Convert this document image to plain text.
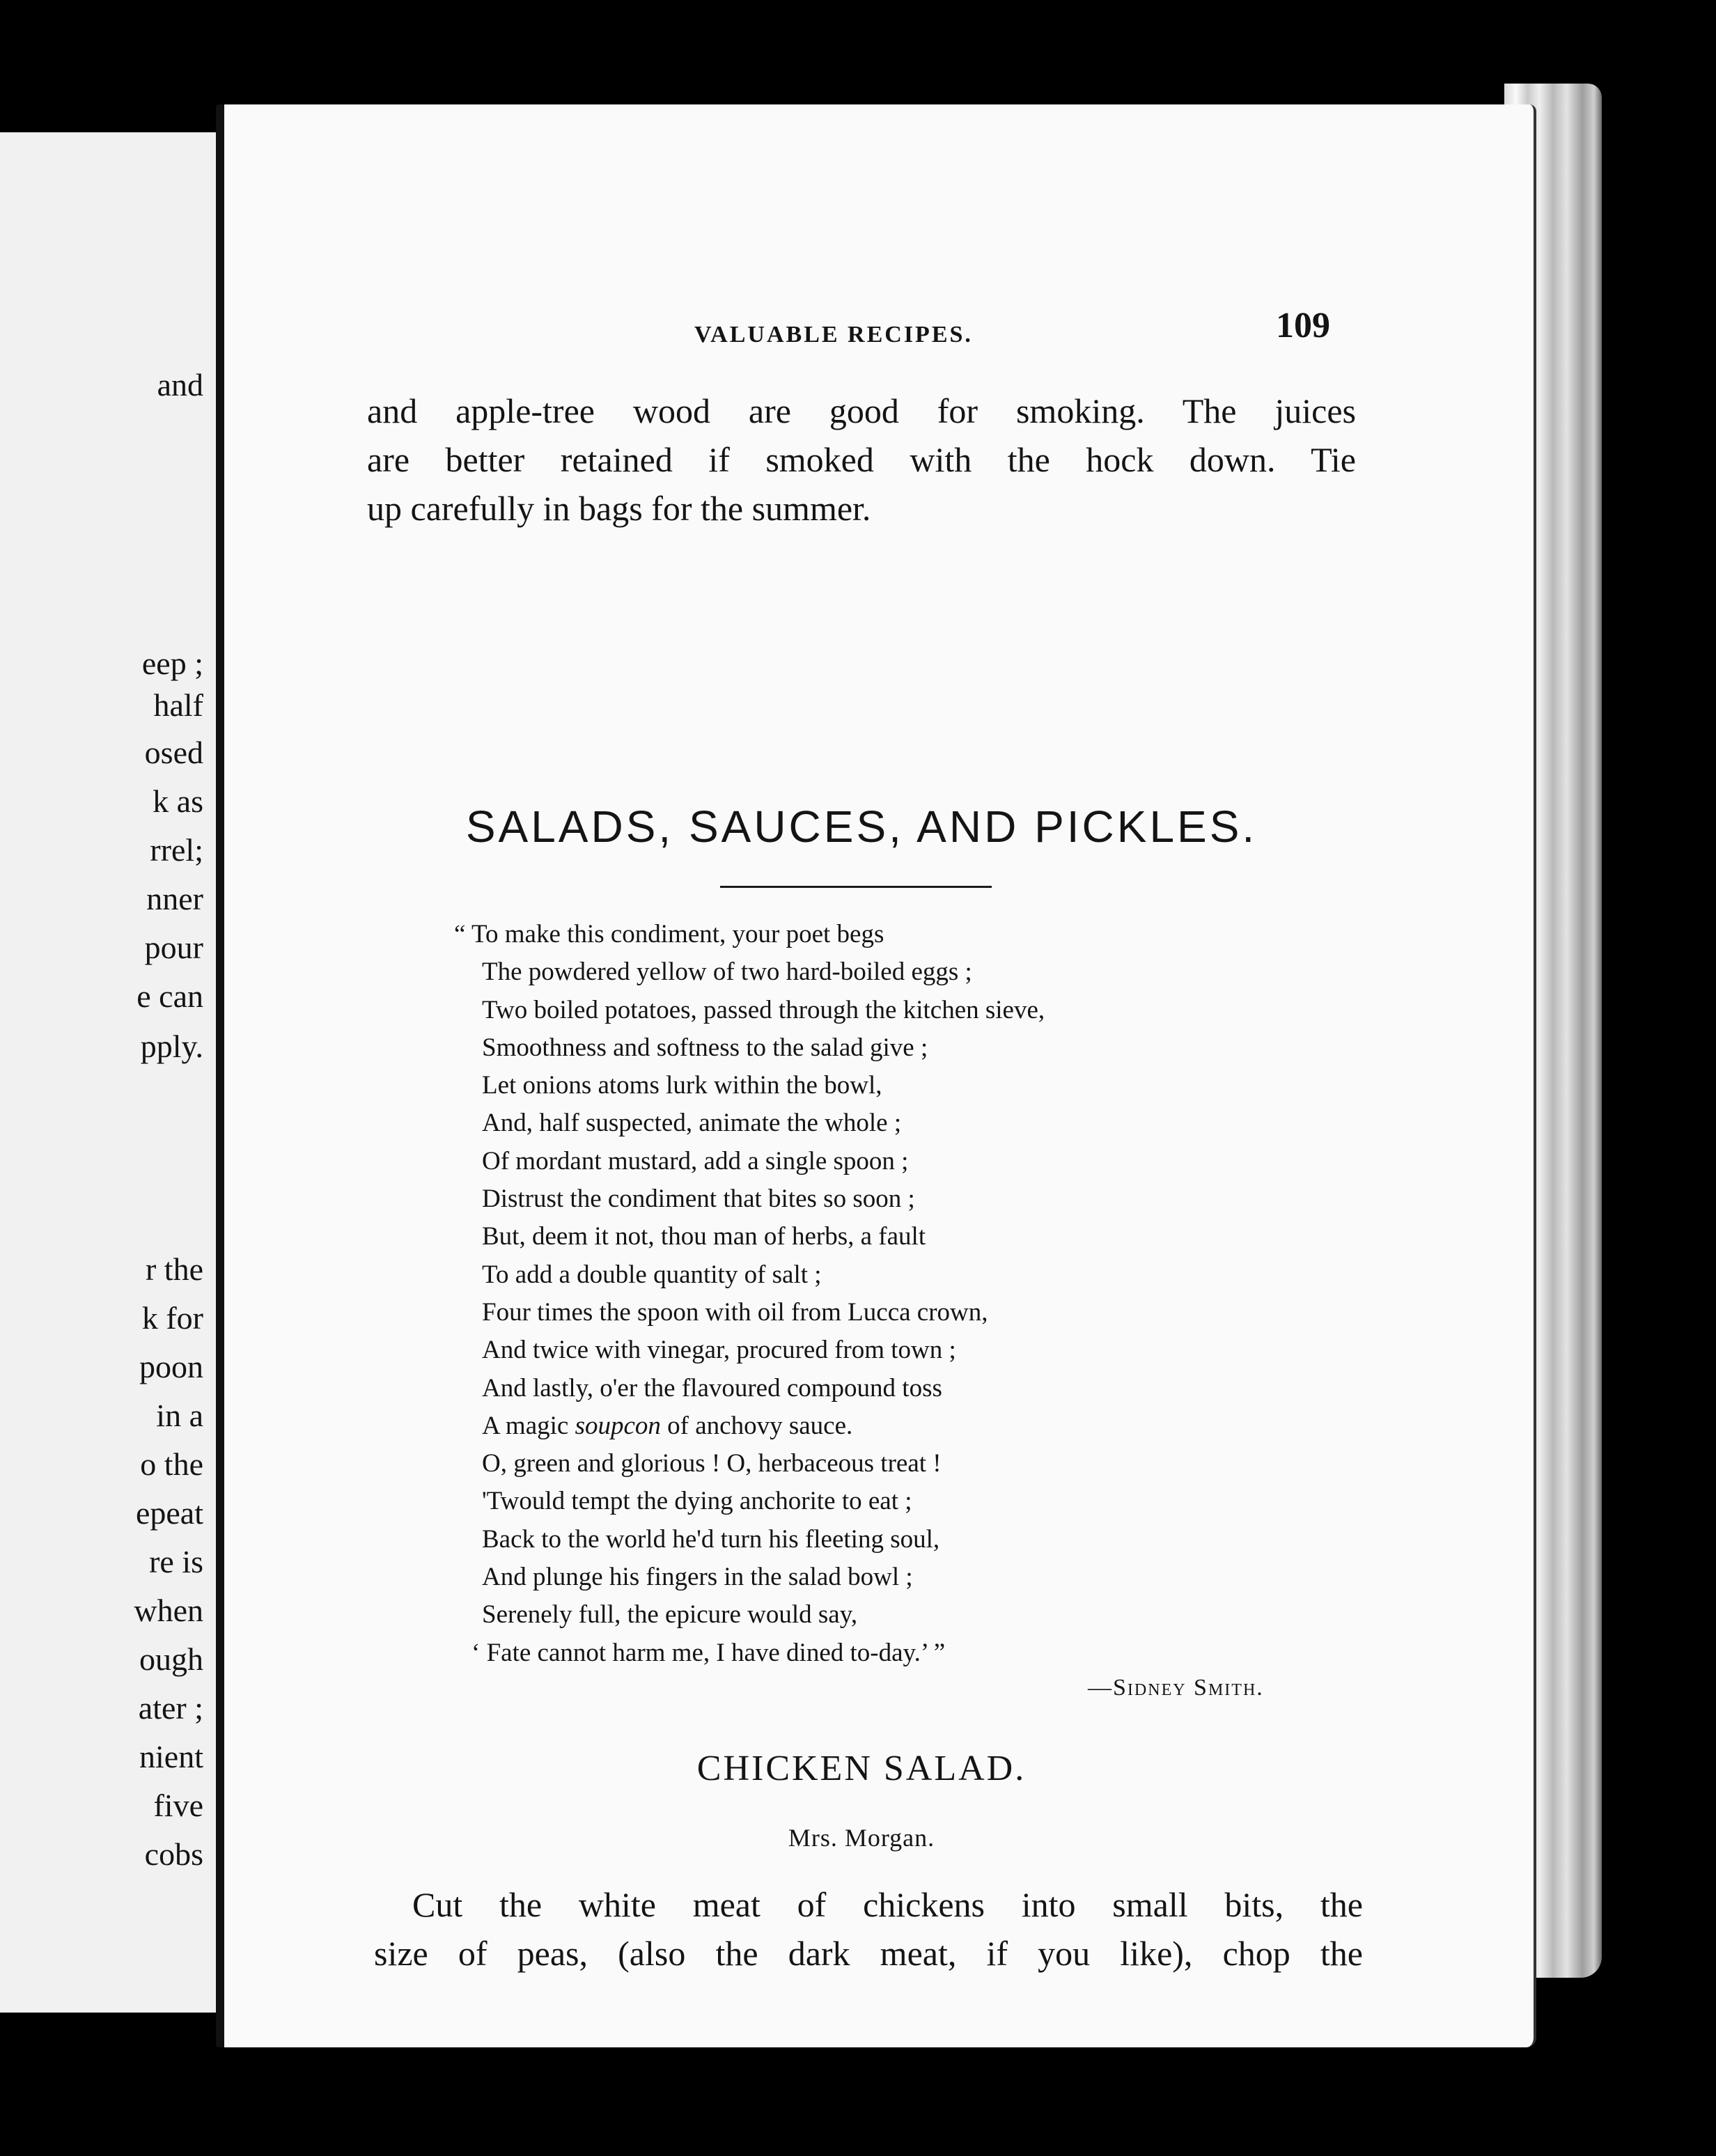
and
eep ;
half
osed
k as
rrel;
nner
pour
e can
pply.
r the
k for
poon
in a
o the
epeat
re is
when
ough
ater ;
nient
five
cobs
VALUABLE RECIPES.	109
and apple-tree wood are good for smoking. The juices
are better retained if smoked with the hock down. Tie
up carefully in bags for the summer.
SALADS, SAUCES, AND PICKLES.
“ To make this condiment, your poet begs
The powdered yellow of two hard-boiled eggs ;
Two boiled potatoes, passed through the kitchen sieve,
Smoothness and softness to the salad give ;
Let onions atoms lurk within the bowl,
And, half suspected, animate the whole ;
Of mordant mustard, add a single spoon ;
Distrust the condiment that bites so soon ;
But, deem it not, thou man of herbs, a fault
To add a double quantity of salt ;
Four times the spoon with oil from Lucca crown,
And twice with vinegar, procured from town ;
And lastly, o'er the flavoured compound toss
A magic soupcon of anchovy sauce.
O, green and glorious ! O, herbaceous treat !
'Twould tempt the dying anchorite to eat ;
Back to the world he'd turn his fleeting soul,
And plunge his fingers in the salad bowl ;
Serenely full, the epicure would say,
‘ Fate cannot harm me, I have dined to-day.’ ”
—Sidney Smith.
CHICKEN SALAD.
Mrs. Morgan.
Cut the white meat of chickens into small bits, the
size of peas, (also the dark meat, if you like), chop the
